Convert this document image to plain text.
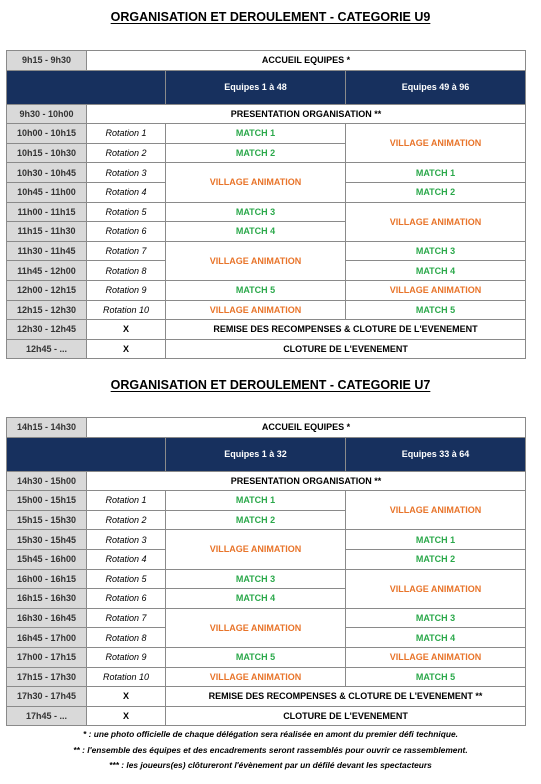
ORGANISATION ET DEROULEMENT - CATEGORIE U9
9h15 - 9h30	ACCUEIL EQUIPES *		
		Equipes 1 à 48	Equipes 49 à 96
9h30 - 10h00	PRESENTATION ORGANISATION **		
10h00 - 10h15	Rotation 1	MATCH 1	VILLAGE ANIMATION
10h15 - 10h30	Rotation 2	MATCH 2	
10h30 - 10h45	Rotation 3	VILLAGE ANIMATION	MATCH 1
10h45 - 11h00	Rotation 4		MATCH 2
11h00 - 11h15	Rotation 5	MATCH 3	VILLAGE ANIMATION
11h15 - 11h30	Rotation 6	MATCH 4	
11h30 - 11h45	Rotation 7	VILLAGE ANIMATION	MATCH 3
11h45 - 12h00	Rotation 8		MATCH 4
12h00 - 12h15	Rotation 9	MATCH 5	VILLAGE ANIMATION
12h15 - 12h30	Rotation 10	VILLAGE ANIMATION	MATCH 5
12h30 - 12h45	X	REMISE DES RECOMPENSES & CLOTURE DE L'EVENEMENT	
12h45 - ...	X	CLOTURE DE L'EVENEMENT	
ORGANISATION ET DEROULEMENT - CATEGORIE U7
14h15 - 14h30	ACCUEIL EQUIPES *		
		Equipes 1 à 32	Equipes 33 à 64
14h30 - 15h00	PRESENTATION ORGANISATION **		
15h00 - 15h15	Rotation 1	MATCH 1	VILLAGE ANIMATION
15h15 - 15h30	Rotation 2	MATCH 2	
15h30 - 15h45	Rotation 3	VILLAGE ANIMATION	MATCH 1
15h45 - 16h00	Rotation 4		MATCH 2
16h00 - 16h15	Rotation 5	MATCH 3	VILLAGE ANIMATION
16h15 - 16h30	Rotation 6	MATCH 4	
16h30 - 16h45	Rotation 7	VILLAGE ANIMATION	MATCH 3
16h45 - 17h00	Rotation 8		MATCH 4
17h00 - 17h15	Rotation 9	MATCH 5	VILLAGE ANIMATION
17h15 - 17h30	Rotation 10	VILLAGE ANIMATION	MATCH 5
17h30 - 17h45	X	REMISE DES RECOMPENSES & CLOTURE DE L'EVENEMENT **	
17h45 - ...	X	CLOTURE DE L'EVENEMENT	
* : une photo officielle de chaque délégation sera réalisée en amont du premier défi technique.
** : l'ensemble des équipes et des encadrements seront rassemblés pour ouvrir ce rassemblement.
*** : les joueurs(es) clôtureront l'évènement par un défilé devant les spectacteurs
